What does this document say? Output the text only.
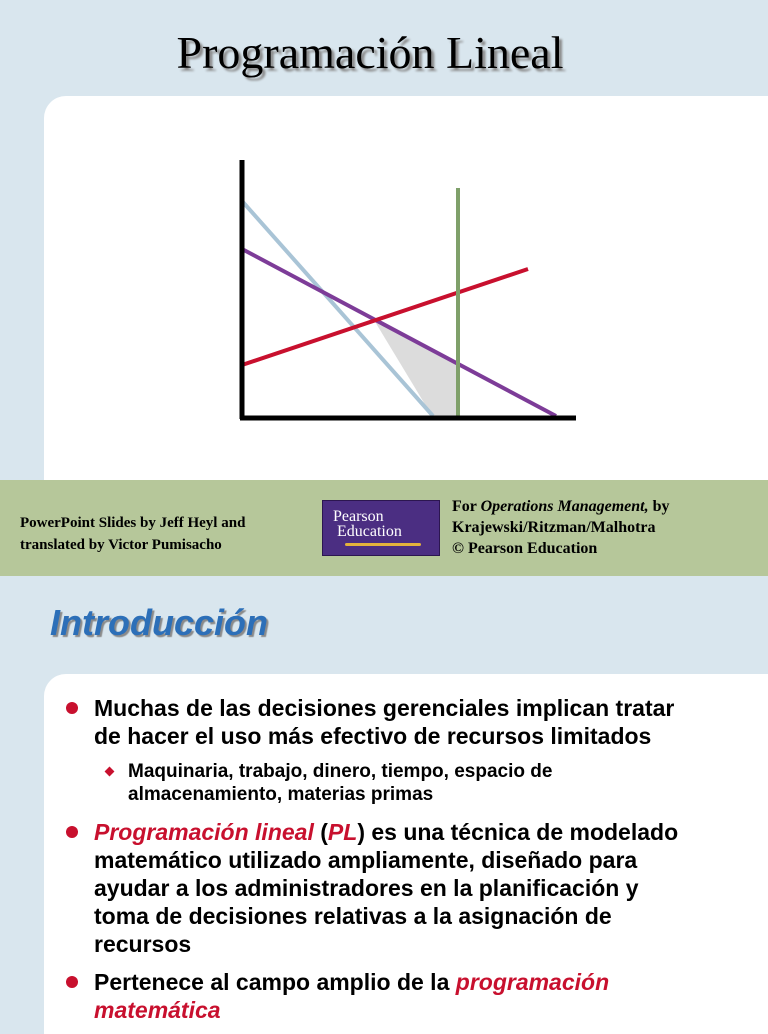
Programación Lineal
PowerPoint Slides by Jeff Heyl and
translated by Victor Pumisacho
Pearson
Education
For Operations Management, by
Krajewski/Ritzman/Malhotra
© Pearson Education
Introducción
Muchas de las decisiones gerenciales implican tratar
de hacer el uso más efectivo de recursos limitados
Maquinaria, trabajo, dinero, tiempo, espacio de
almacenamiento, materias primas
Programación lineal (PL) es una técnica de modelado
matemático utilizado ampliamente, diseñado para
ayudar a los administradores en la planificación y
toma de decisiones relativas a la asignación de
recursos
Pertenece al campo amplio de la programación
matemática
